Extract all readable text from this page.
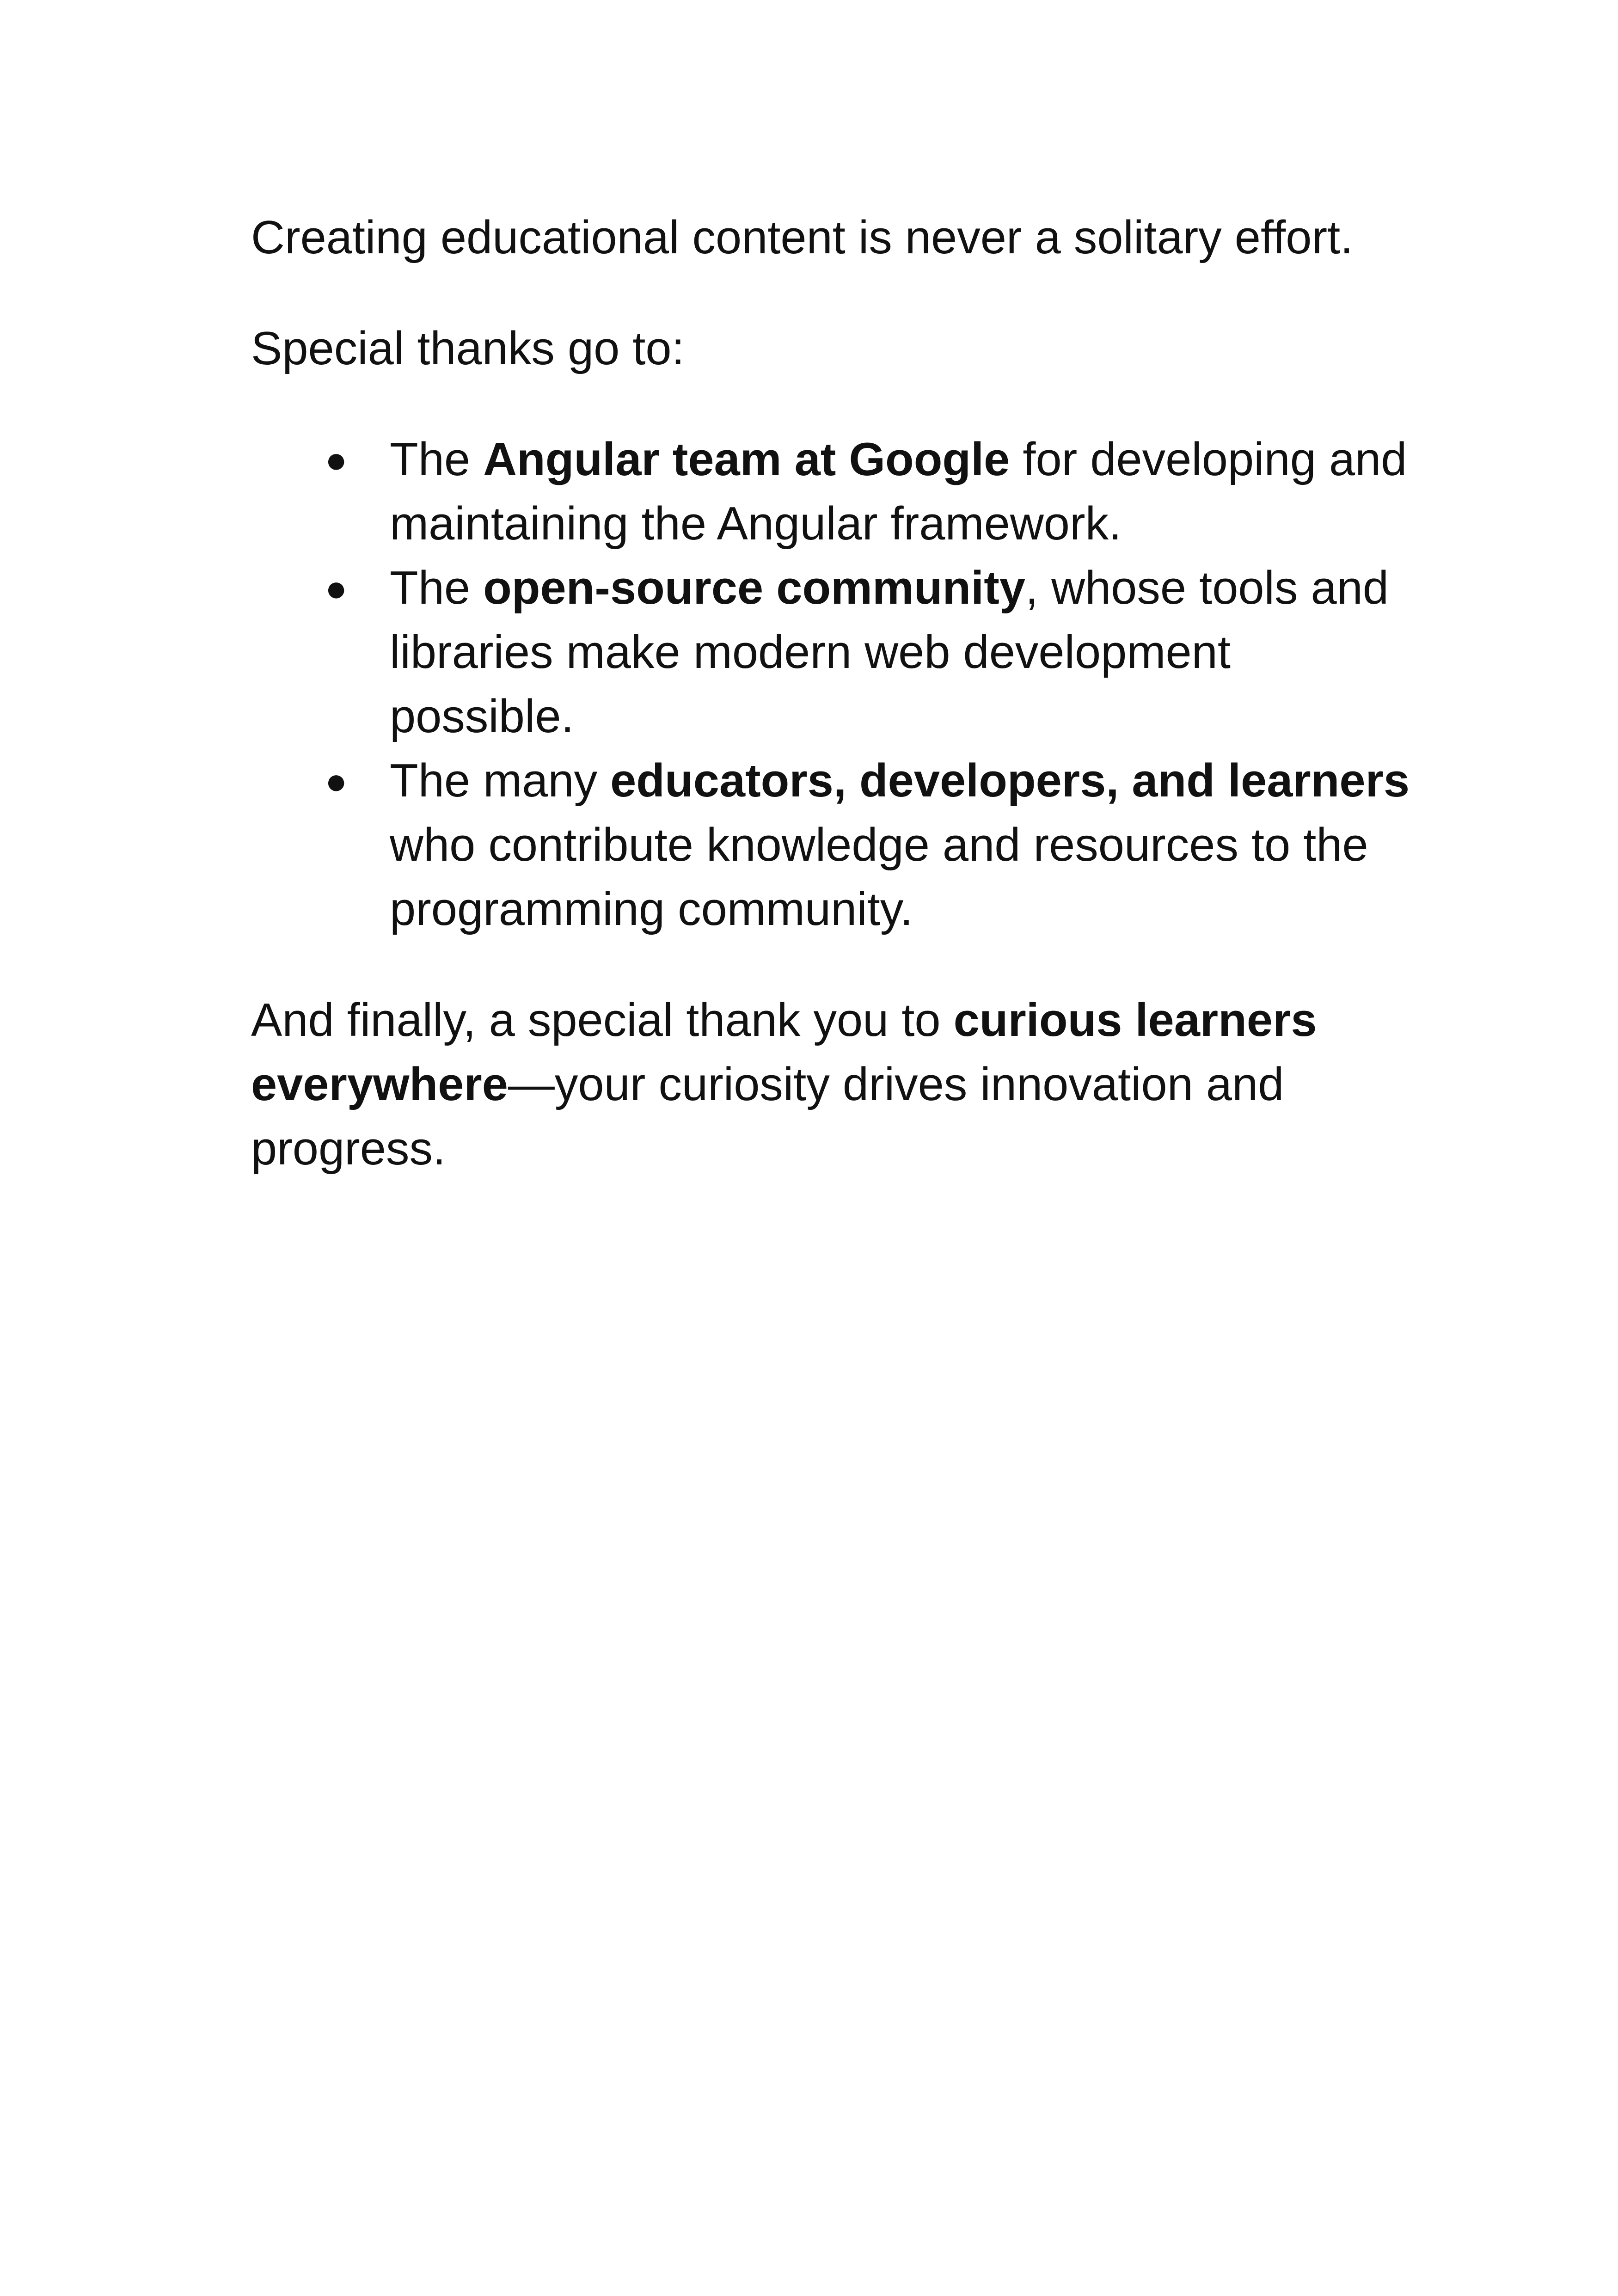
Creating educational content is never a solitary effort.

Special thanks go to:

● The Angular team at Google for developing and maintaining the Angular framework.
● The open-source community, whose tools and libraries make modern web development possible.
● The many educators, developers, and learners who contribute knowledge and resources to the programming community.

And finally, a special thank you to curious learners everywhere—your curiosity drives innovation and progress.
